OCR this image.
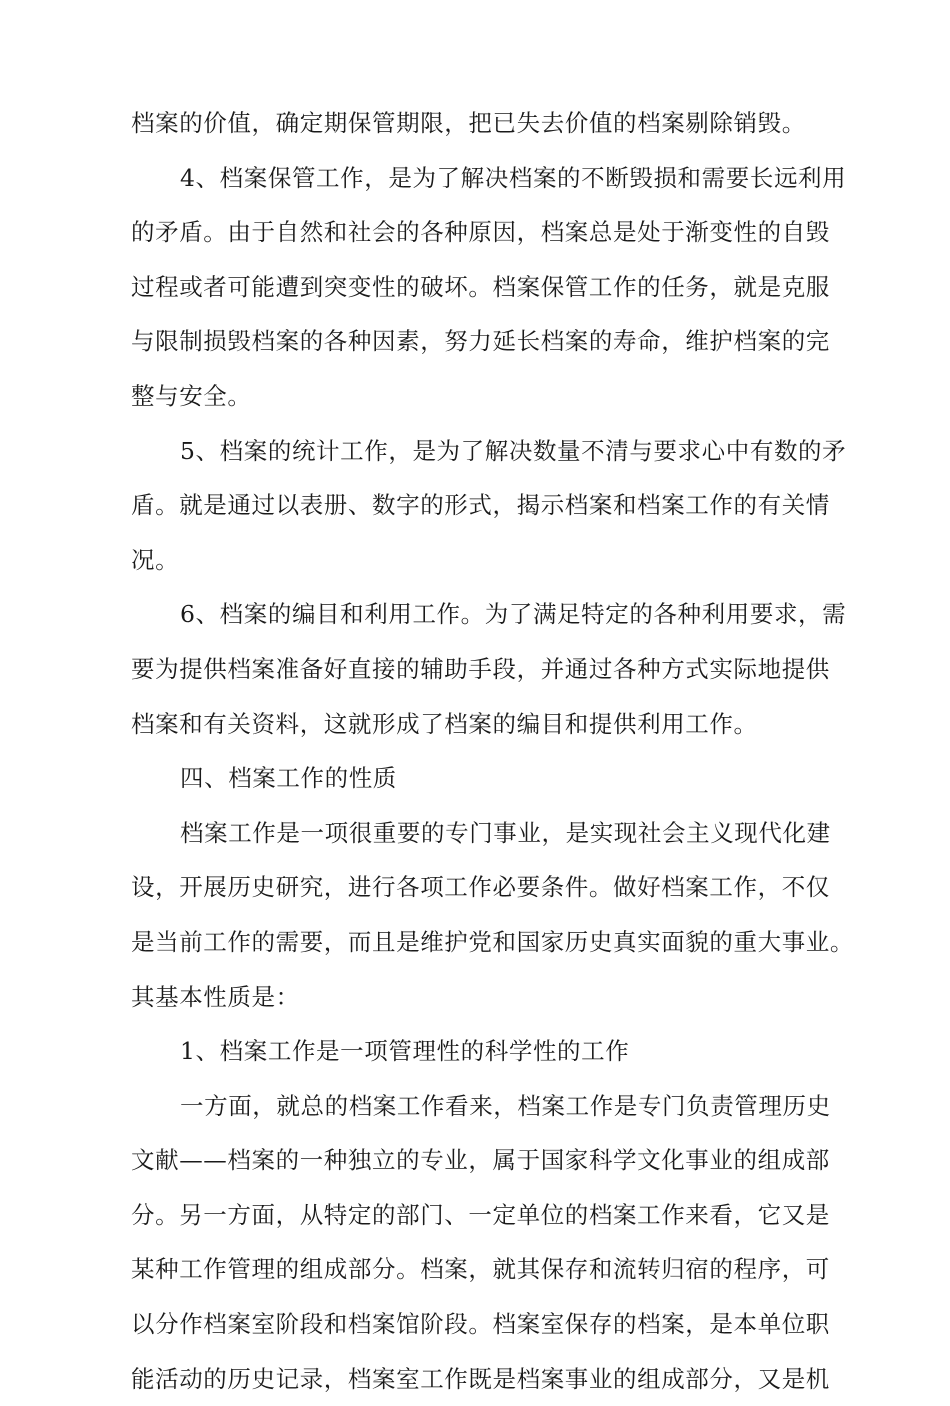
档案的价值，确定期保管期限，把已失去价值的档案剔除销毁。
4、档案保管工作，是为了解决档案的不断毁损和需要长远利用
的矛盾。由于自然和社会的各种原因，档案总是处于渐变性的自毁
过程或者可能遭到突变性的破坏。档案保管工作的任务，就是克服
与限制损毁档案的各种因素，努力延长档案的寿命，维护档案的完
整与安全。
5、档案的统计工作，是为了解决数量不清与要求心中有数的矛
盾。就是通过以表册、数字的形式，揭示档案和档案工作的有关情
况。
6、档案的编目和利用工作。为了满足特定的各种利用要求，需
要为提供档案准备好直接的辅助手段，并通过各种方式实际地提供
档案和有关资料，这就形成了档案的编目和提供利用工作。
四、档案工作的性质
档案工作是一项很重要的专门事业，是实现社会主义现代化建
设，开展历史研究，进行各项工作必要条件。做好档案工作，不仅
是当前工作的需要，而且是维护党和国家历史真实面貌的重大事业。
其基本性质是：
1、档案工作是一项管理性的科学性的工作
一方面，就总的档案工作看来，档案工作是专门负责管理历史
文献——档案的一种独立的专业，属于国家科学文化事业的组成部
分。另一方面，从特定的部门、一定单位的档案工作来看，它又是
某种工作管理的组成部分。档案，就其保存和流转归宿的程序，可
以分作档案室阶段和档案馆阶段。档案室保存的档案，是本单位职
能活动的历史记录，档案室工作既是档案事业的组成部分，又是机
